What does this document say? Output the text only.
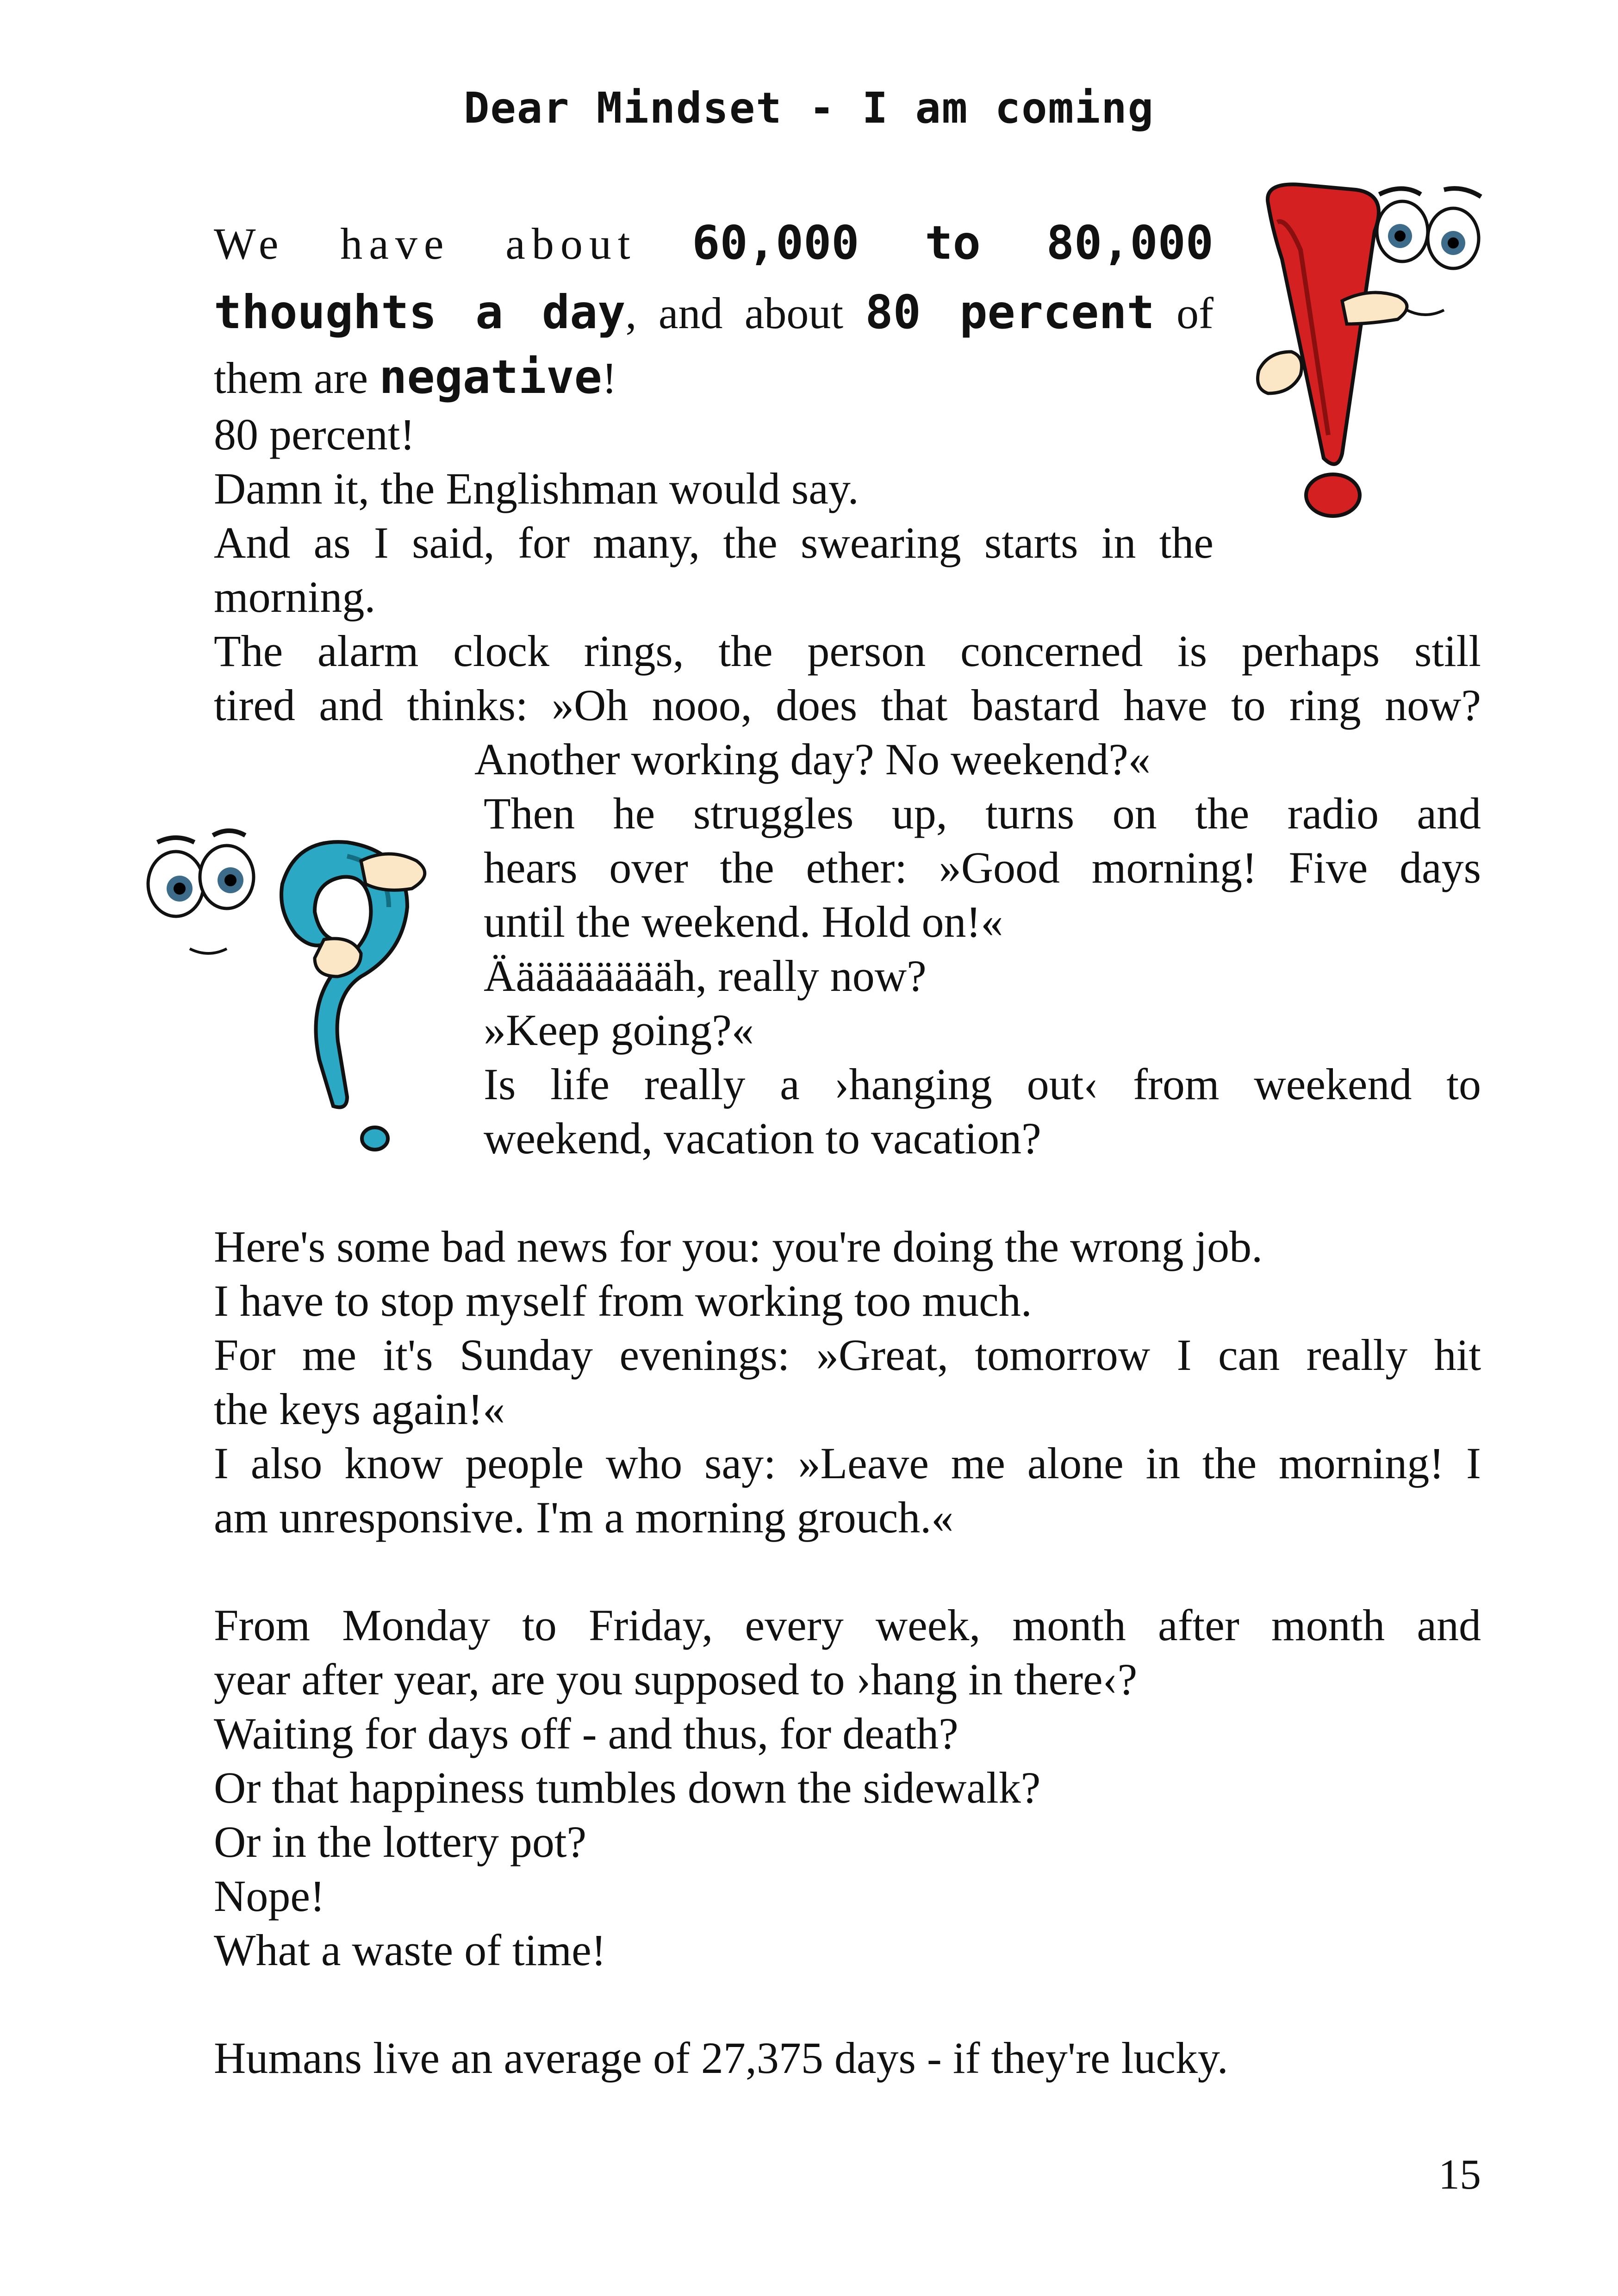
Dear Mindset - I am coming
We have about 60,000 to 80,000
thoughts a day, and about 80 percent of
them are negative!
80 percent!
Damn it, the Englishman would say.
And as I said, for many, the swearing starts in the
morning.
The alarm clock rings, the person concerned is perhaps still
tired and thinks: »Oh nooo, does that bastard have to ring now?
Another working day? No weekend?«
Then he struggles up, turns on the radio and
hears over the ether: »Good morning! Five days
until the weekend. Hold on!«
Äääääääääh, really now?
»Keep going?«
Is life really a ›hanging out‹ from weekend to
weekend, vacation to vacation?
Here's some bad news for you: you're doing the wrong job.
I have to stop myself from working too much.
For me it's Sunday evenings: »Great, tomorrow I can really hit
the keys again!«
I also know people who say: »Leave me alone in the morning! I
am unresponsive. I'm a morning grouch.«
From Monday to Friday, every week, month after month and
year after year, are you supposed to ›hang in there‹?
Waiting for days off - and thus, for death?
Or that happiness tumbles down the sidewalk?
Or in the lottery pot?
Nope!
What a waste of time!
Humans live an average of 27,375 days - if they're lucky.
15
